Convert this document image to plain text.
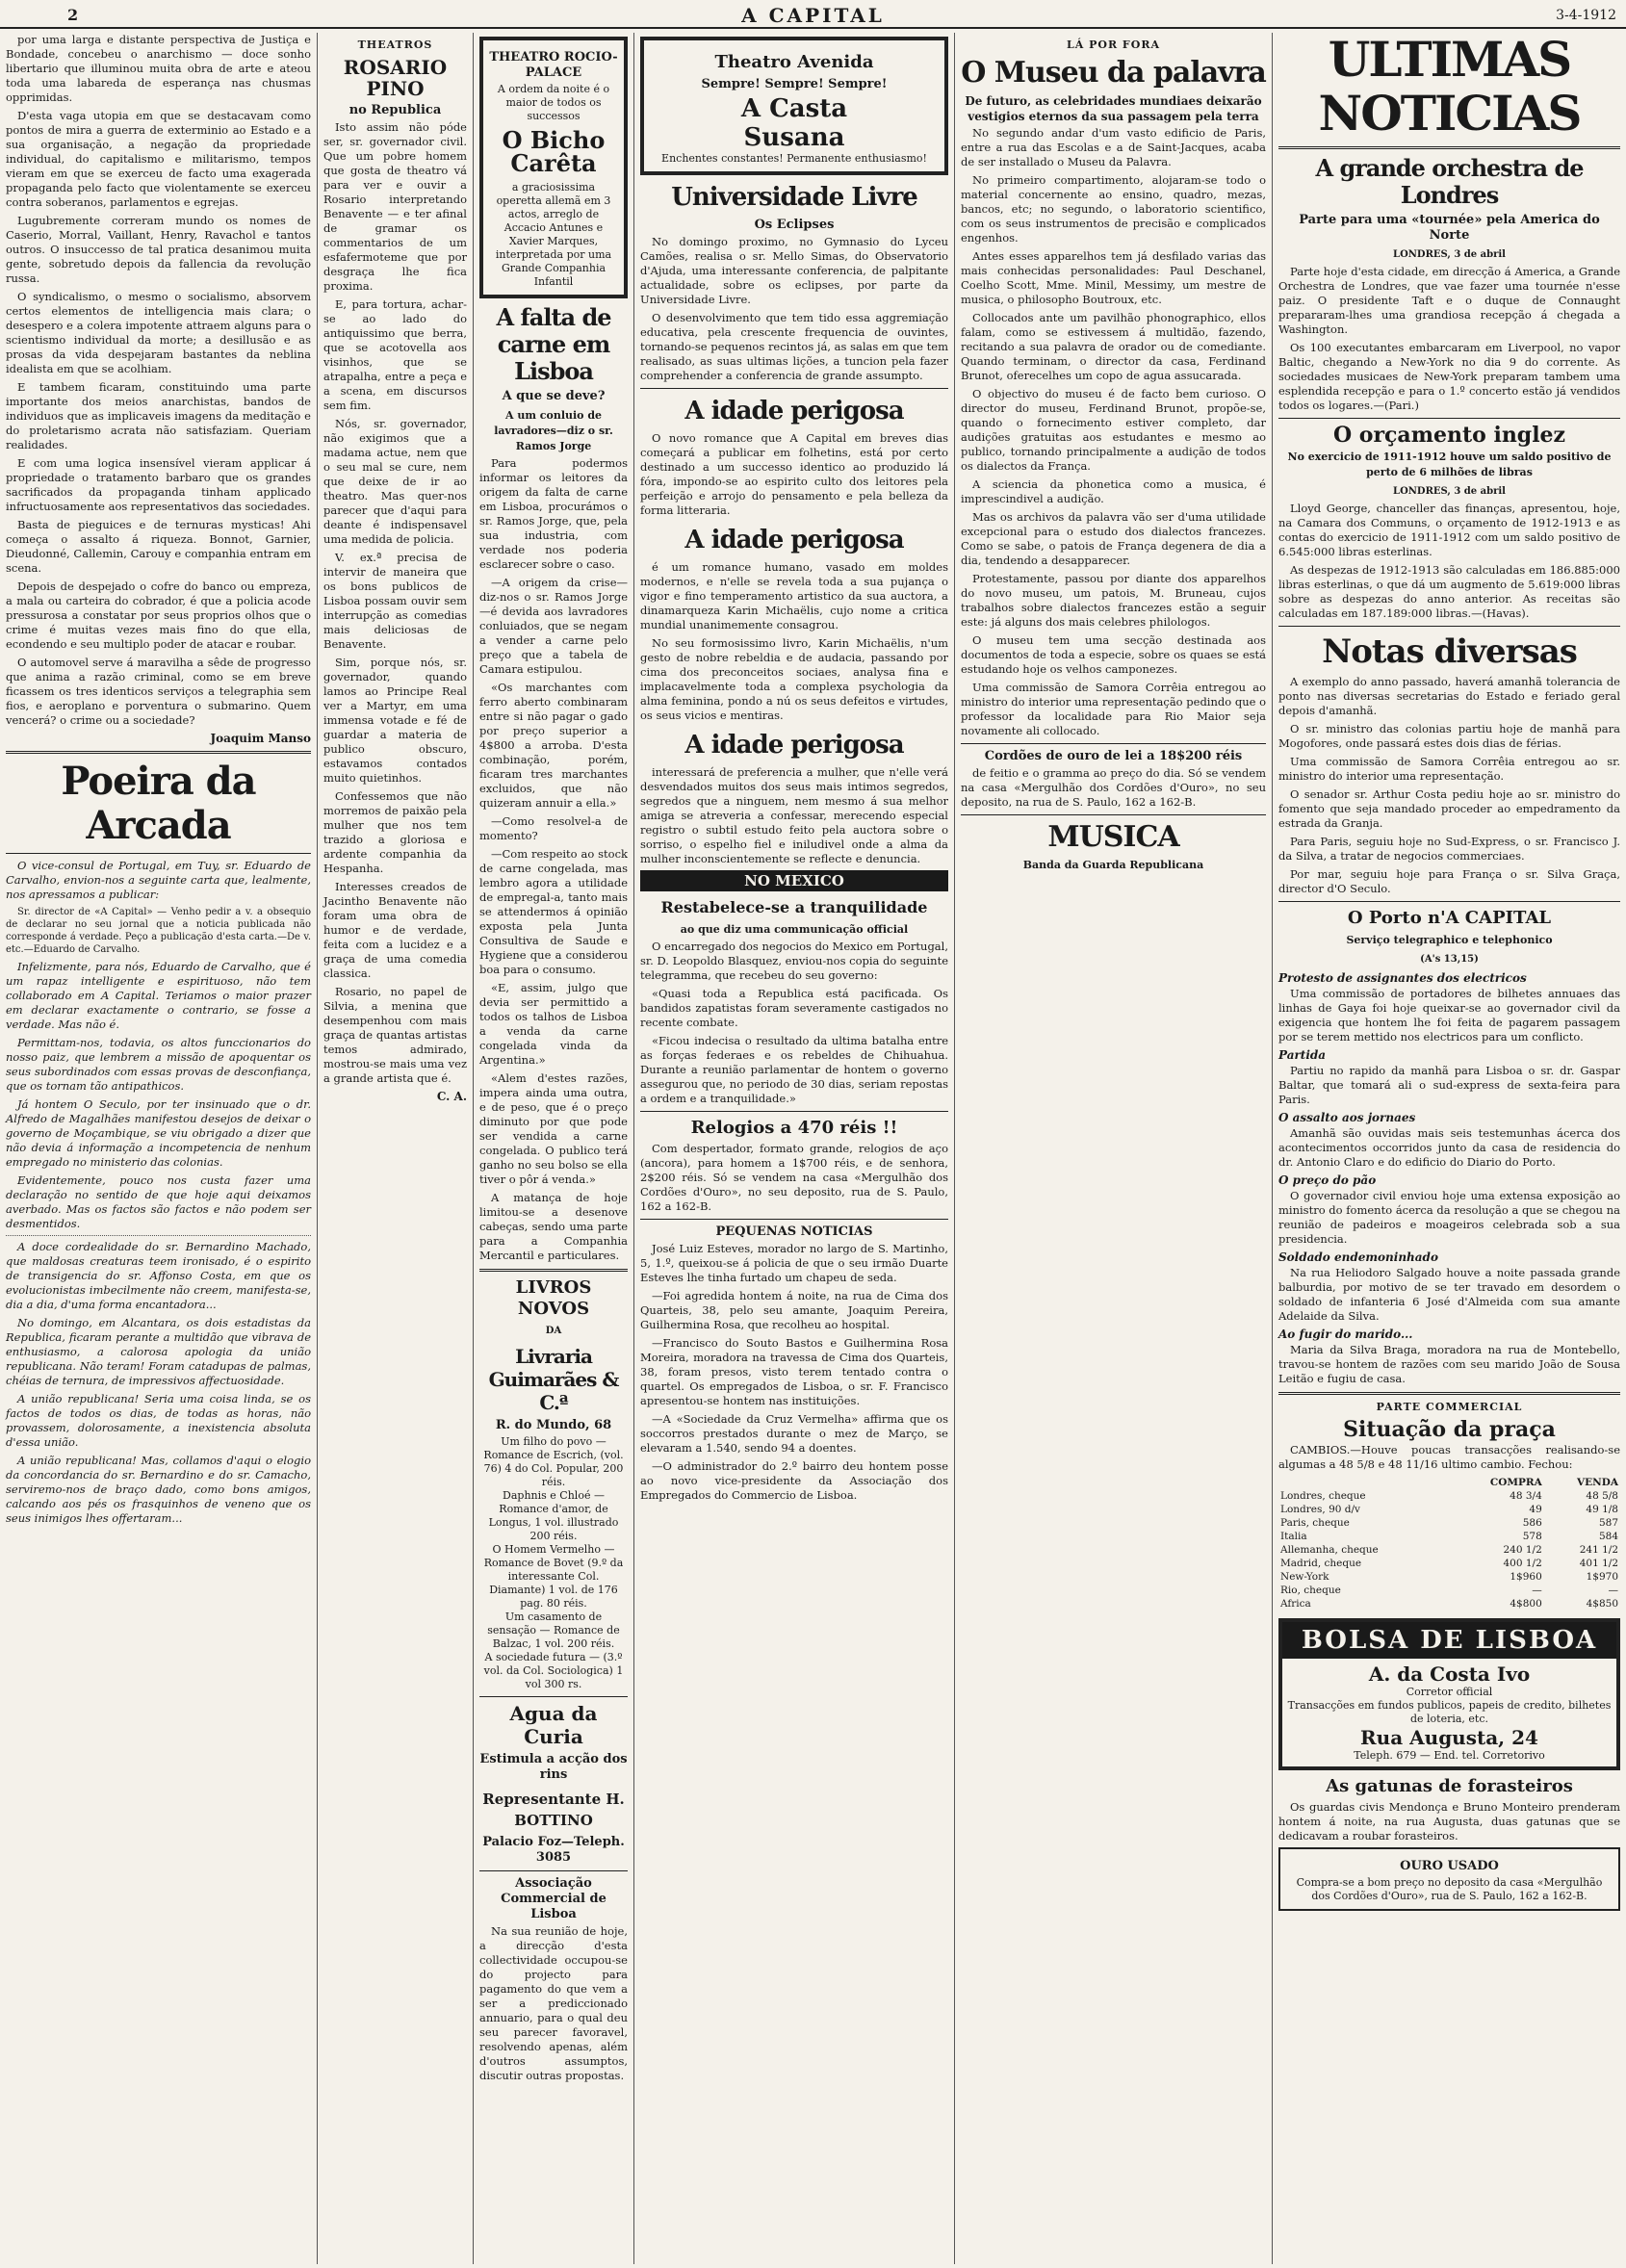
2	A CAPITAL	3-4-1912

por uma larga e distante perspectiva de Justiça e Bondade, concebeu o anarchismo — doce sonho libertario que illuminou muita obra de arte e ateou toda uma labareda de esperança nas chusmas opprimidas.

D'esta vaga utopia em que se destacavam como pontos de mira a guerra de exterminio ao Estado e a sua organisação, a negação da propriedade individual, do capitalismo e militarismo, tempos vieram em que se exerceu de facto uma exagerada propaganda pelo facto que violentamente se exerceu contra soberanos, parlamentos e egrejas.

Lugubremente correram mundo os nomes de Caserio, Morral, Vaillant, Henry, Ravachol e tantos outros. O insuccesso de tal pratica desanimou muita gente, sobretudo depois da fallencia da revolução russa.

O syndicalismo, o mesmo o socialismo, absorvem certos elementos de intelligencia mais clara; o desespero e a colera impotente attraem alguns para o scientismo individual da morte; a desillusão e as prosas da vida despejaram bastantes da neblina idealista em que se acolhiam.

E tambem ficaram, constituindo uma parte importante dos meios anarchistas, bandos de individuos que as implicaveis imagens da meditação e do proletarismo acrata não satisfaziam. Queriam realidades.

E com uma logica insensível vieram applicar á propriedade o tratamento barbaro que os grandes sacrificados da propaganda tinham applicado infructuosamente aos representativos das sociedades.

Basta de pieguices e de ternuras mysticas! Ahi começa o assalto á riqueza. Bonnot, Garnier, Dieudonné, Callemin, Carouy e companhia entram em scena.

Depois de despejado o cofre do banco ou empreza, a mala ou carteira do cobrador, é que a policia acode pressurosa a constatar por seus proprios olhos que o crime é muitas vezes mais fino do que ella, econdendo e seu multiplo poder de atacar e roubar.

O automovel serve á maravilha a sêde de progresso que anima a razão criminal, como se em breve ficassem os tres identicos serviços a telegraphia sem fios, e aeroplano e porventura o submarino. Quem vencerá? o crime ou a sociedade?

Joaquim Manso
Poeira da Arcada

O vice-consul de Portugal, em Tuy, sr. Eduardo de Carvalho, envion-nos a seguinte carta que, lealmente, nos apressamos a publicar:

Sr. director de «A Capital» — Venho pedir a v. a obsequio de declarar no seu jornal que a noticia publicada não corresponde á verdade. Peço a publicação d'esta carta.—De v. etc.—Eduardo de Carvalho.

Infelizmente, para nós, Eduardo de Carvalho, que é um rapaz intelligente e espirituoso, não tem collaborado em A Capital. Teriamos o maior prazer em declarar exactamente o contrario, se fosse a verdade. Mas não é.

Permittam-nos, todavia, os altos funccionarios do nosso paiz, que lembrem a missão de apoquentar os seus subordinados com essas provas de desconfiança, que os tornam tão antipathicos.

Já hontem O Seculo, por ter insinuado que o dr. Alfredo de Magalhães manifestou desejos de deixar o governo de Moçambique, se viu obrigado a dizer que não devia á informação a incompetencia de nenhum empregado no ministerio das colonias.

Evidentemente, pouco nos custa fazer uma declaração no sentido de que hoje aqui deixamos averbado. Mas os factos são factos e não podem ser desmentidos.

A doce cordealidade do sr. Bernardino Machado, que maldosas creaturas teem ironisado, é o espirito de transigencia do sr. Affonso Costa, em que os evolucionistas imbecilmente não creem, manifesta-se, dia a dia, d'uma forma encantadora...

No domingo, em Alcantara, os dois estadistas da Republica, ficaram perante a multidão que vibrava de enthusiasmo, a calorosa apologia da união republicana. Não teram! Foram catadupas de palmas, chéias de ternura, de impressivos affectuosidade.

A união republicana! Seria uma coisa linda, se os factos de todos os dias, de todas as horas, não provassem, dolorosamente, a inexistencia absoluta d'essa união.

A união republicana! Mas, collamos d'aqui o elogio da concordancia do sr. Bernardino e do sr. Camacho, serviremo-nos de braço dado, como bons amigos, calcando aos pés os frasquinhos de veneno que os seus inimigos lhes offertaram...

THEATROS
ROSARIO PINO
no Republica

Isto assim não póde ser, sr. governador civil. Que um pobre homem que gosta de theatro vá para ver e ouvir a Rosario interpretando Benavente — e ter afinal de gramar os commentarios de um esfafermoteme que por desgraça lhe fica proxima.

E, para tortura, achar-se ao lado do antiquissimo que berra, que se acotovella aos visinhos, que se atrapalha, entre a peça e a scena, em discursos sem fim.

Nós, sr. governador, não exigimos que a madama actue, nem que o seu mal se cure, nem que deixe de ir ao theatro. Mas quer-nos parecer que d'aqui para deante é indispensavel uma medida de policia.

V. ex.ª precisa de intervir de maneira que os bons publicos de Lisboa possam ouvir sem interrupção as comedias mais deliciosas de Benavente.

Sim, porque nós, sr. governador, quando lamos ao Principe Real ver a Martyr, em uma immensa votade e fé de guardar a materia de publico obscuro, estavamos contados muito quietinhos.

Confessemos que não morremos de paixão pela mulher que nos tem trazido a gloriosa e ardente companhia da Hespanha.

Interesses creados de Jacintho Benavente não foram uma obra de humor e de verdade, feita com a lucidez e a graça de uma comedia classica.

Rosario, no papel de Silvia, a menina que desempenhou com mais graça de quantas artistas temos admirado, mostrou-se mais uma vez a grande artista que é.

C. A.
THEATRO ROCIO-PALACE
A ordem da noite é o maior de todos os successos
O Bicho Carêta
a graciosissima operetta allemã em 3 actos, arreglo de Accacio Antunes e Xavier Marques, interpretada por uma Grande Companhia Infantil
A falta de carne em Lisboa
A que se deve?
A um conluio de lavradores—diz o sr. Ramos Jorge

Para podermos informar os leitores da origem da falta de carne em Lisboa, procurámos o sr. Ramos Jorge, que, pela sua industria, com verdade nos poderia esclarecer sobre o caso.

—A origem da crise—diz-nos o sr. Ramos Jorge—é devida aos lavradores conluiados, que se negam a vender a carne pelo preço que a tabela de Camara estipulou.

«Os marchantes com ferro aberto combinaram entre si não pagar o gado por preço superior a 4$800 a arroba. D'esta combinação, porém, ficaram tres marchantes excluidos, que não quizeram annuir a ella.»

—Como resolvel-a de momento?

—Com respeito ao stock de carne congelada, mas lembro agora a utilidade de empregal-a, tanto mais se attendermos á opinião exposta pela Junta Consultiva de Saude e Hygiene que a considerou boa para o consumo.

«E, assim, julgo que devia ser permittido a todos os talhos de Lisboa a venda da carne congelada vinda da Argentina.»

«Alem d'estes razões, impera ainda uma outra, e de peso, que é o preço diminuto por que pode ser vendida a carne congelada. O publico terá ganho no seu bolso se ella tiver o pôr á venda.»

A matança de hoje limitou-se a desenove cabeças, sendo uma parte para a Companhia Mercantil e particulares.

LIVROS NOVOS
DA
Livraria Guimarães & C.ª
R. do Mundo, 68
Um filho do povo — Romance de Escrich, (vol. 76) 4 do Col. Popular, 200 réis.
Daphnis e Chloé — Romance d'amor, de Longus, 1 vol. illustrado 200 réis.
O Homem Vermelho — Romance de Bovet (9.º da interessante Col. Diamante) 1 vol. de 176 pag. 80 réis.
Um casamento de sensação — Romance de Balzac, 1 vol. 200 réis.
A sociedade futura — (3.º vol. da Col. Sociologica) 1 vol 300 rs.
Agua da Curia
Estimula a acção dos rins
Representante H. BOTTINO
Palacio Foz—Teleph. 3085
Associação Commercial de Lisboa

Na sua reunião de hoje, a direcção d'esta collectividade occupou-se do projecto para pagamento do que vem a ser a prediccionado annuario, para o qual deu seu parecer favoravel, resolvendo apenas, além d'outros assumptos, discutir outras propostas.

Theatro Avenida
Sempre! Sempre! Sempre!
A Casta
Susana
Enchentes constantes! Permanente enthusiasmo!
Universidade Livre
Os Eclipses

No domingo proximo, no Gymnasio do Lyceu Camões, realisa o sr. Mello Simas, do Observatorio d'Ajuda, uma interessante conferencia, de palpitante actualidade, sobre os eclipses, por parte da Universidade Livre.

O desenvolvimento que tem tido essa aggremiação educativa, pela crescente frequencia de ouvintes, tornando-se pequenos recintos já, as salas em que tem realisado, as suas ultimas lições, a tuncion pela fazer comprehender a conferencia de grande assumpto.

A idade perigosa

O novo romance que A Capital em breves dias começará a publicar em folhetins, está por certo destinado a um successo identico ao produzido lá fóra, impondo-se ao espirito culto dos leitores pela perfeição e arrojo do pensamento e pela belleza da forma litteraria.

A idade perigosa

é um romance humano, vasado em moldes modernos, e n'elle se revela toda a sua pujança o vigor e fino temperamento artistico da sua auctora, a dinamarqueza Karin Michaëlis, cujo nome a critica mundial unanimemente consagrou.

No seu formosissimo livro, Karin Michaëlis, n'um gesto de nobre rebeldia e de audacia, passando por cima dos preconceitos sociaes, analysa fina e implacavelmente toda a complexa psychologia da alma feminina, pondo a nú os seus defeitos e virtudes, os seus vicios e mentiras.

A idade perigosa

interessará de preferencia a mulher, que n'elle verá desvendados muitos dos seus mais intimos segredos, segredos que a ninguem, nem mesmo á sua melhor amiga se atreveria a confessar, merecendo especial registro o subtil estudo feito pela auctora sobre o sorriso, o espelho fiel e iniludivel onde a alma da mulher inconscientemente se reflecte e denuncia.

NO MEXICO
Restabelece-se a tranquilidade
ao que diz uma communicação official

O encarregado dos negocios do Mexico em Portugal, sr. D. Leopoldo Blasquez, enviou-nos copia do seguinte telegramma, que recebeu do seu governo:

«Quasi toda a Republica está pacificada. Os bandidos zapatistas foram severamente castigados no recente combate.

«Ficou indecisa o resultado da ultima batalha entre as forças federaes e os rebeldes de Chihuahua. Durante a reunião parlamentar de hontem o governo assegurou que, no periodo de 30 dias, seriam repostas a ordem e a tranquilidade.»

Relogios a 470 réis !!

Com despertador, formato grande, relogios de aço (ancora), para homem a 1$700 réis, e de senhora, 2$200 réis. Só se vendem na casa «Mergulhão dos Cordões d'Ouro», no seu deposito, rua de S. Paulo, 162 a 162-B.

PEQUENAS NOTICIAS

José Luiz Esteves, morador no largo de S. Martinho, 5, 1.º, queixou-se á policia de que o seu irmão Duarte Esteves lhe tinha furtado um chapeu de seda.

—Foi agredida hontem á noite, na rua de Cima dos Quarteis, 38, pelo seu amante, Joaquim Pereira, Guilhermina Rosa, que recolheu ao hospital.

—Francisco do Souto Bastos e Guilhermina Rosa Moreira, moradora na travessa de Cima dos Quarteis, 38, foram presos, visto terem tentado contra o quartel. Os empregados de Lisboa, o sr. F. Francisco apresentou-se hontem nas instituições.

—A «Sociedade da Cruz Vermelha» affirma que os soccorros prestados durante o mez de Março, se elevaram a 1.540, sendo 94 a doentes.

—O administrador do 2.º bairro deu hontem posse ao novo vice-presidente da Associação dos Empregados do Commercio de Lisboa.

LÁ POR FORA
O Museu da palavra
De futuro, as celebridades mundiaes deixarão vestigios eternos da sua passagem pela terra

No segundo andar d'um vasto edificio de Paris, entre a rua das Escolas e a de Saint-Jacques, acaba de ser installado o Museu da Palavra.

No primeiro compartimento, alojaram-se todo o material concernente ao ensino, quadro, mezas, bancos, etc; no segundo, o laboratorio scientifico, com os seus instrumentos de precisão e complicados engenhos.

Antes esses apparelhos tem já desfilado varias das mais conhecidas personalidades: Paul Deschanel, Coelho Scott, Mme. Minil, Messimy, um mestre de musica, o philosopho Boutroux, etc.

Collocados ante um pavilhão phonographico, ellos falam, como se estivessem á multidão, fazendo, recitando a sua palavra de orador ou de comediante. Quando terminam, o director da casa, Ferdinand Brunot, oferecelhes um copo de agua assucarada.

O objectivo do museu é de facto bem curioso. O director do museu, Ferdinand Brunot, propõe-se, quando o fornecimento estiver completo, dar audições gratuitas aos estudantes e mesmo ao publico, tornando principalmente a audição de todos os dialectos da França.

A sciencia da phonetica como a musica, é imprescindivel a audição.

Mas os archivos da palavra vão ser d'uma utilidade excepcional para o estudo dos dialectos francezes. Como se sabe, o patois de França degenera de dia a dia, tendendo a desapparecer.

Protestamente, passou por diante dos apparelhos do novo museu, um patois, M. Bruneau, cujos trabalhos sobre dialectos francezes estão a seguir este: já alguns dos mais celebres philologos.

O museu tem uma secção destinada aos documentos de toda a especie, sobre os quaes se está estudando hoje os velhos camponezes.

Uma commissão de Samora Corrêia entregou ao ministro do interior uma representação pedindo que o professor da localidade para Rio Maior seja novamente ali collocado.

Cordões de ouro de lei a 18$200 réis

de feitio e o gramma ao preço do dia. Só se vendem na casa «Mergulhão dos Cordões d'Ouro», no seu deposito, na rua de S. Paulo, 162 a 162-B.

MUSICA
Banda da Guarda Republicana
ULTIMAS NOTICIAS
A grande orchestra de Londres
Parte para uma «tournée» pela America do Norte
LONDRES, 3 de abril

Parte hoje d'esta cidade, em direcção á America, a Grande Orchestra de Londres, que vae fazer uma tournée n'esse paiz. O presidente Taft e o duque de Connaught prepararam-lhes uma grandiosa recepção á chegada a Washington.

Os 100 executantes embarcaram em Liverpool, no vapor Baltic, chegando a New-York no dia 9 do corrente. As sociedades musicaes de New-York preparam tambem uma esplendida recepção e para o 1.º concerto estão já vendidos todos os logares.—(Pari.)

O orçamento inglez
No exercicio de 1911-1912 houve um saldo positivo de perto de 6 milhões de libras
LONDRES, 3 de abril

Lloyd George, chanceller das finanças, apresentou, hoje, na Camara dos Communs, o orçamento de 1912-1913 e as contas do exercicio de 1911-1912 com um saldo positivo de 6.545:000 libras esterlinas.

As despezas de 1912-1913 são calculadas em 186.885:000 libras esterlinas, o que dá um augmento de 5.619:000 libras sobre as despezas do anno anterior. As receitas são calculadas em 187.189:000 libras.—(Havas).

Notas diversas

A exemplo do anno passado, haverá amanhã tolerancia de ponto nas diversas secretarias do Estado e feriado geral depois d'amanhã.

O sr. ministro das colonias partiu hoje de manhã para Mogofores, onde passará estes dois dias de férias.

Uma commissão de Samora Corrêia entregou ao sr. ministro do interior uma representação.

O senador sr. Arthur Costa pediu hoje ao sr. ministro do fomento que seja mandado proceder ao empedramento da estrada da Granja.

Para Paris, seguiu hoje no Sud-Express, o sr. Francisco J. da Silva, a tratar de negocios commerciaes.

Por mar, seguiu hoje para França o sr. Silva Graça, director d'O Seculo.

O Porto n'A CAPITAL
Serviço telegraphico e telephonico
(A's 13,15)
Protesto de assignantes dos electricos

Uma commissão de portadores de bilhetes annuaes das linhas de Gaya foi hoje queixar-se ao governador civil da exigencia que hontem lhe foi feita de pagarem passagem por se terem mettido nos electricos para um conflicto.

Partida

Partiu no rapido da manhã para Lisboa o sr. dr. Gaspar Baltar, que tomará ali o sud-express de sexta-feira para Paris.

O assalto aos jornaes

Amanhã são ouvidas mais seis testemunhas ácerca dos acontecimentos occorridos junto da casa de residencia do dr. Antonio Claro e do edificio do Diario do Porto.

O preço do pão

O governador civil enviou hoje uma extensa exposição ao ministro do fomento ácerca da resolução a que se chegou na reunião de padeiros e moageiros celebrada sob a sua presidencia.

Soldado endemoninhado

Na rua Heliodoro Salgado houve a noite passada grande balburdia, por motivo de se ter travado em desordem o soldado de infanteria 6 José d'Almeida com sua amante Adelaide da Silva.

Ao fugir do marido...

Maria da Silva Braga, moradora na rua de Montebello, travou-se hontem de razões com seu marido João de Sousa Leitão e fugiu de casa.

PARTE COMMERCIAL
Situação da praça

CAMBIOS.—Houve poucas transacções realisando-se algumas a 48 5/8 e 48 11/16 ultimo cambio. Fechou:

	COMPRA	VENDA
Londres, cheque	48 3/4	48 5/8
Londres, 90 d/v	49	49 1/8
Paris, cheque	586	587
Italia	578	584
Allemanha, cheque	240 1/2	241 1/2
Madrid, cheque	400 1/2	401 1/2
New-York	1$960	1$970
Rio, cheque	—	—
Africa	4$800	4$850
BOLSA DE LISBOA
A. da Costa Ivo
Corretor official
Transacções em fundos publicos, papeis de credito, bilhetes de loteria, etc.
Rua Augusta, 24
Teleph. 679 — End. tel. Corretorivo
As gatunas de forasteiros

Os guardas civis Mendonça e Bruno Monteiro prenderam hontem á noite, na rua Augusta, duas gatunas que se dedicavam a roubar forasteiros.

OURO USADO
Compra-se a bom preço no deposito da casa «Mergulhão dos Cordões d'Ouro», rua de S. Paulo, 162 a 162-B.
